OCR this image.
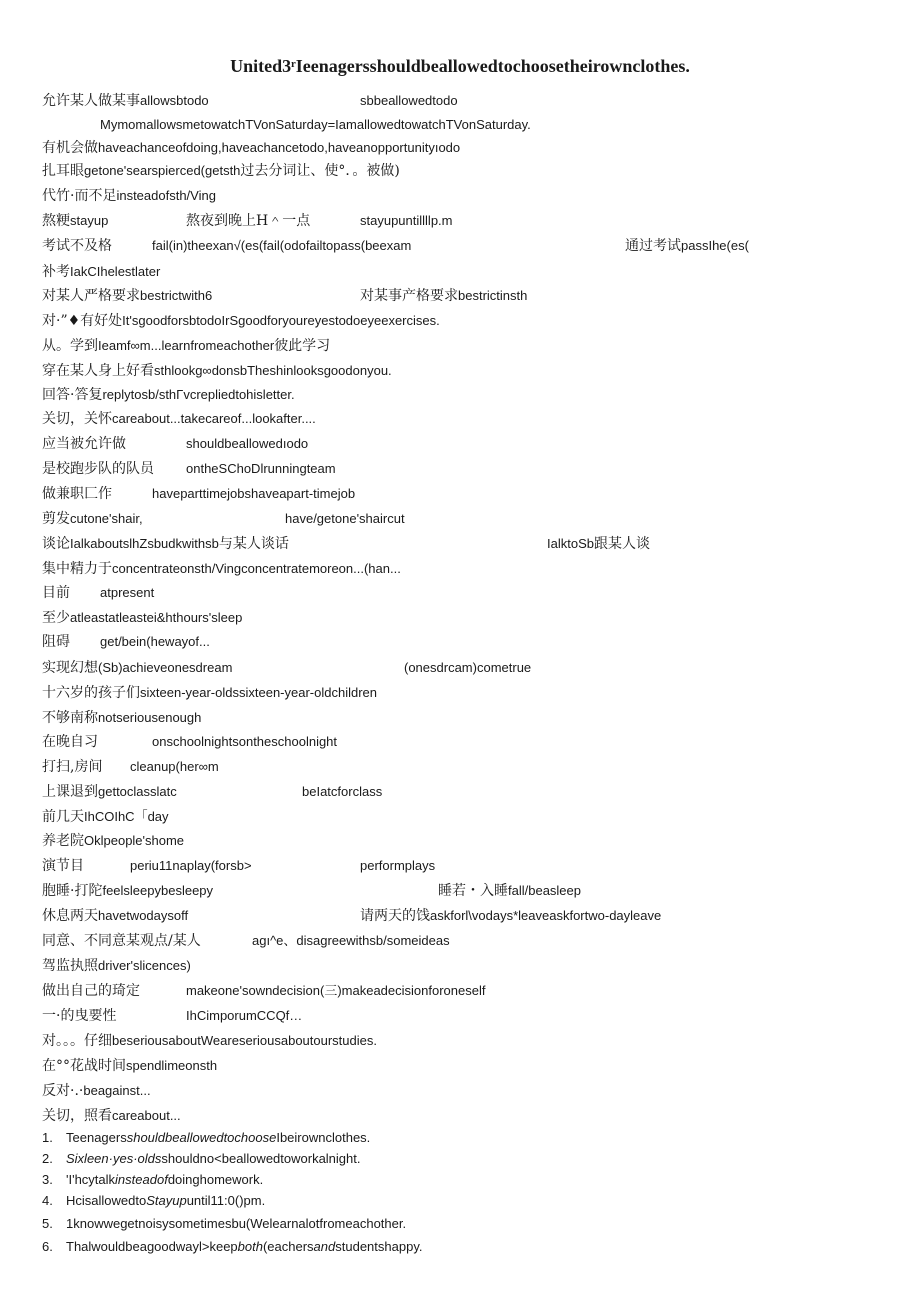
United3ʳIeenagersshouldbeallowedtochoosetheirownclothes.
允许某人做某事allowsbtodo	sbbeallowedtodo
MymomallowsmetowatchTVonSaturday=IamallowedtowatchTVonSaturday.
有机会做haveachanceofdoing,haveachancetodo,haveanopportunityıodo
扎耳眼getone'searspierced(getsth过去分词让、使°．。被做)
代竹·而不足insteadofsth/Ving
熬粳stayup	熬夜到晚上H＾一点	stayupuntillllp.m
考试不及格	fail(in)theexan√(es(fail(odofailtopass(beexam	通过考试passIhe(es(
补考IakCIhelestlater
对某人严格要求bestrictwith6	对某事产格要求bestrictinsth
对·”♦有好处It'sgoodforsbtodoIrSgoodforyoureyestodoeyeexercises.
从。学到Ieamf∞m...learnfromeachother彼此学习
穿在某人身上好看sthlookg∞donsbTheshinlooksgoodonyou.
回答·答复replytosb/sthΓvcrepliedtohisletter.
关切，关怀careabout...takecareof...lookafter....
应当被允许做	shouldbeallowedıodo
是校跑步队的队员 ontheSChoDlrunningteam
做兼职匚作	haveparttimejobshaveapart-timejob
剪发cutone'shair,	have/getone'shaircut
谈论IalkaboutslhZsbudkwithsb与某人谈话	IalktoSb跟某人谈
集中精力于concentrateonsth/Vingconcentratemoreon...(han...
目前 atpresent
至少atleastatleastei&hthours'sleep
阻碍 get/bein(hewayof...
实现幻想(Sb)achieveonesdream	(onesdrcam)cometrue
十六岁的孩子们sixteen-year-oldssixteen-year-oldchildren
不够南称notseriousenough
在晚自习	onschoolnightsontheschoolnight
打扫,房间 cleanup(her∞m
上课退到gettoclasslatc	beIatcforclass
前几天IhCOIhC「day
养老院Oklpeople'shome
演节目	periu11naplay(forsb>	performplays
胞睡·打陀feelsleepybesleepy	睡若・入睡fall/beasleep
休息两天havetwodaysoff	请两天的饯askforl\vodays*leaveaskfortwo-dayleave
同意、不同意某观点/某人	agı^e、disagreewithsb/someideas
驾监执照driver'slicences)
做出自己的琦定	makeone'sowndecision(三)makeadecisionforoneself
一·的曳要性	IhCimporumCCQf…
对。。。仔细beseriousaboutWeareseriousaboutourstudies.
在°°花战时间spendlimeonsth
反对·.·beagainst...
关切，照看careabout...
1. TeenagersshouldbeallowedtochooseIbeirownclothes.
2. Sixleen·yes·oldsshouldno<beallowedtoworkalnight.
3. 'I'hcytalkinsteadofdoinghomework.
4. HcisallowedtoStayupuntil11:0()pm.
5. 1knowwegetnoisysometimesbu(Welearnalotfromeachother.
6. Thalwouldbeagoodwayl>keepboth(eachersandstudentshappy.
